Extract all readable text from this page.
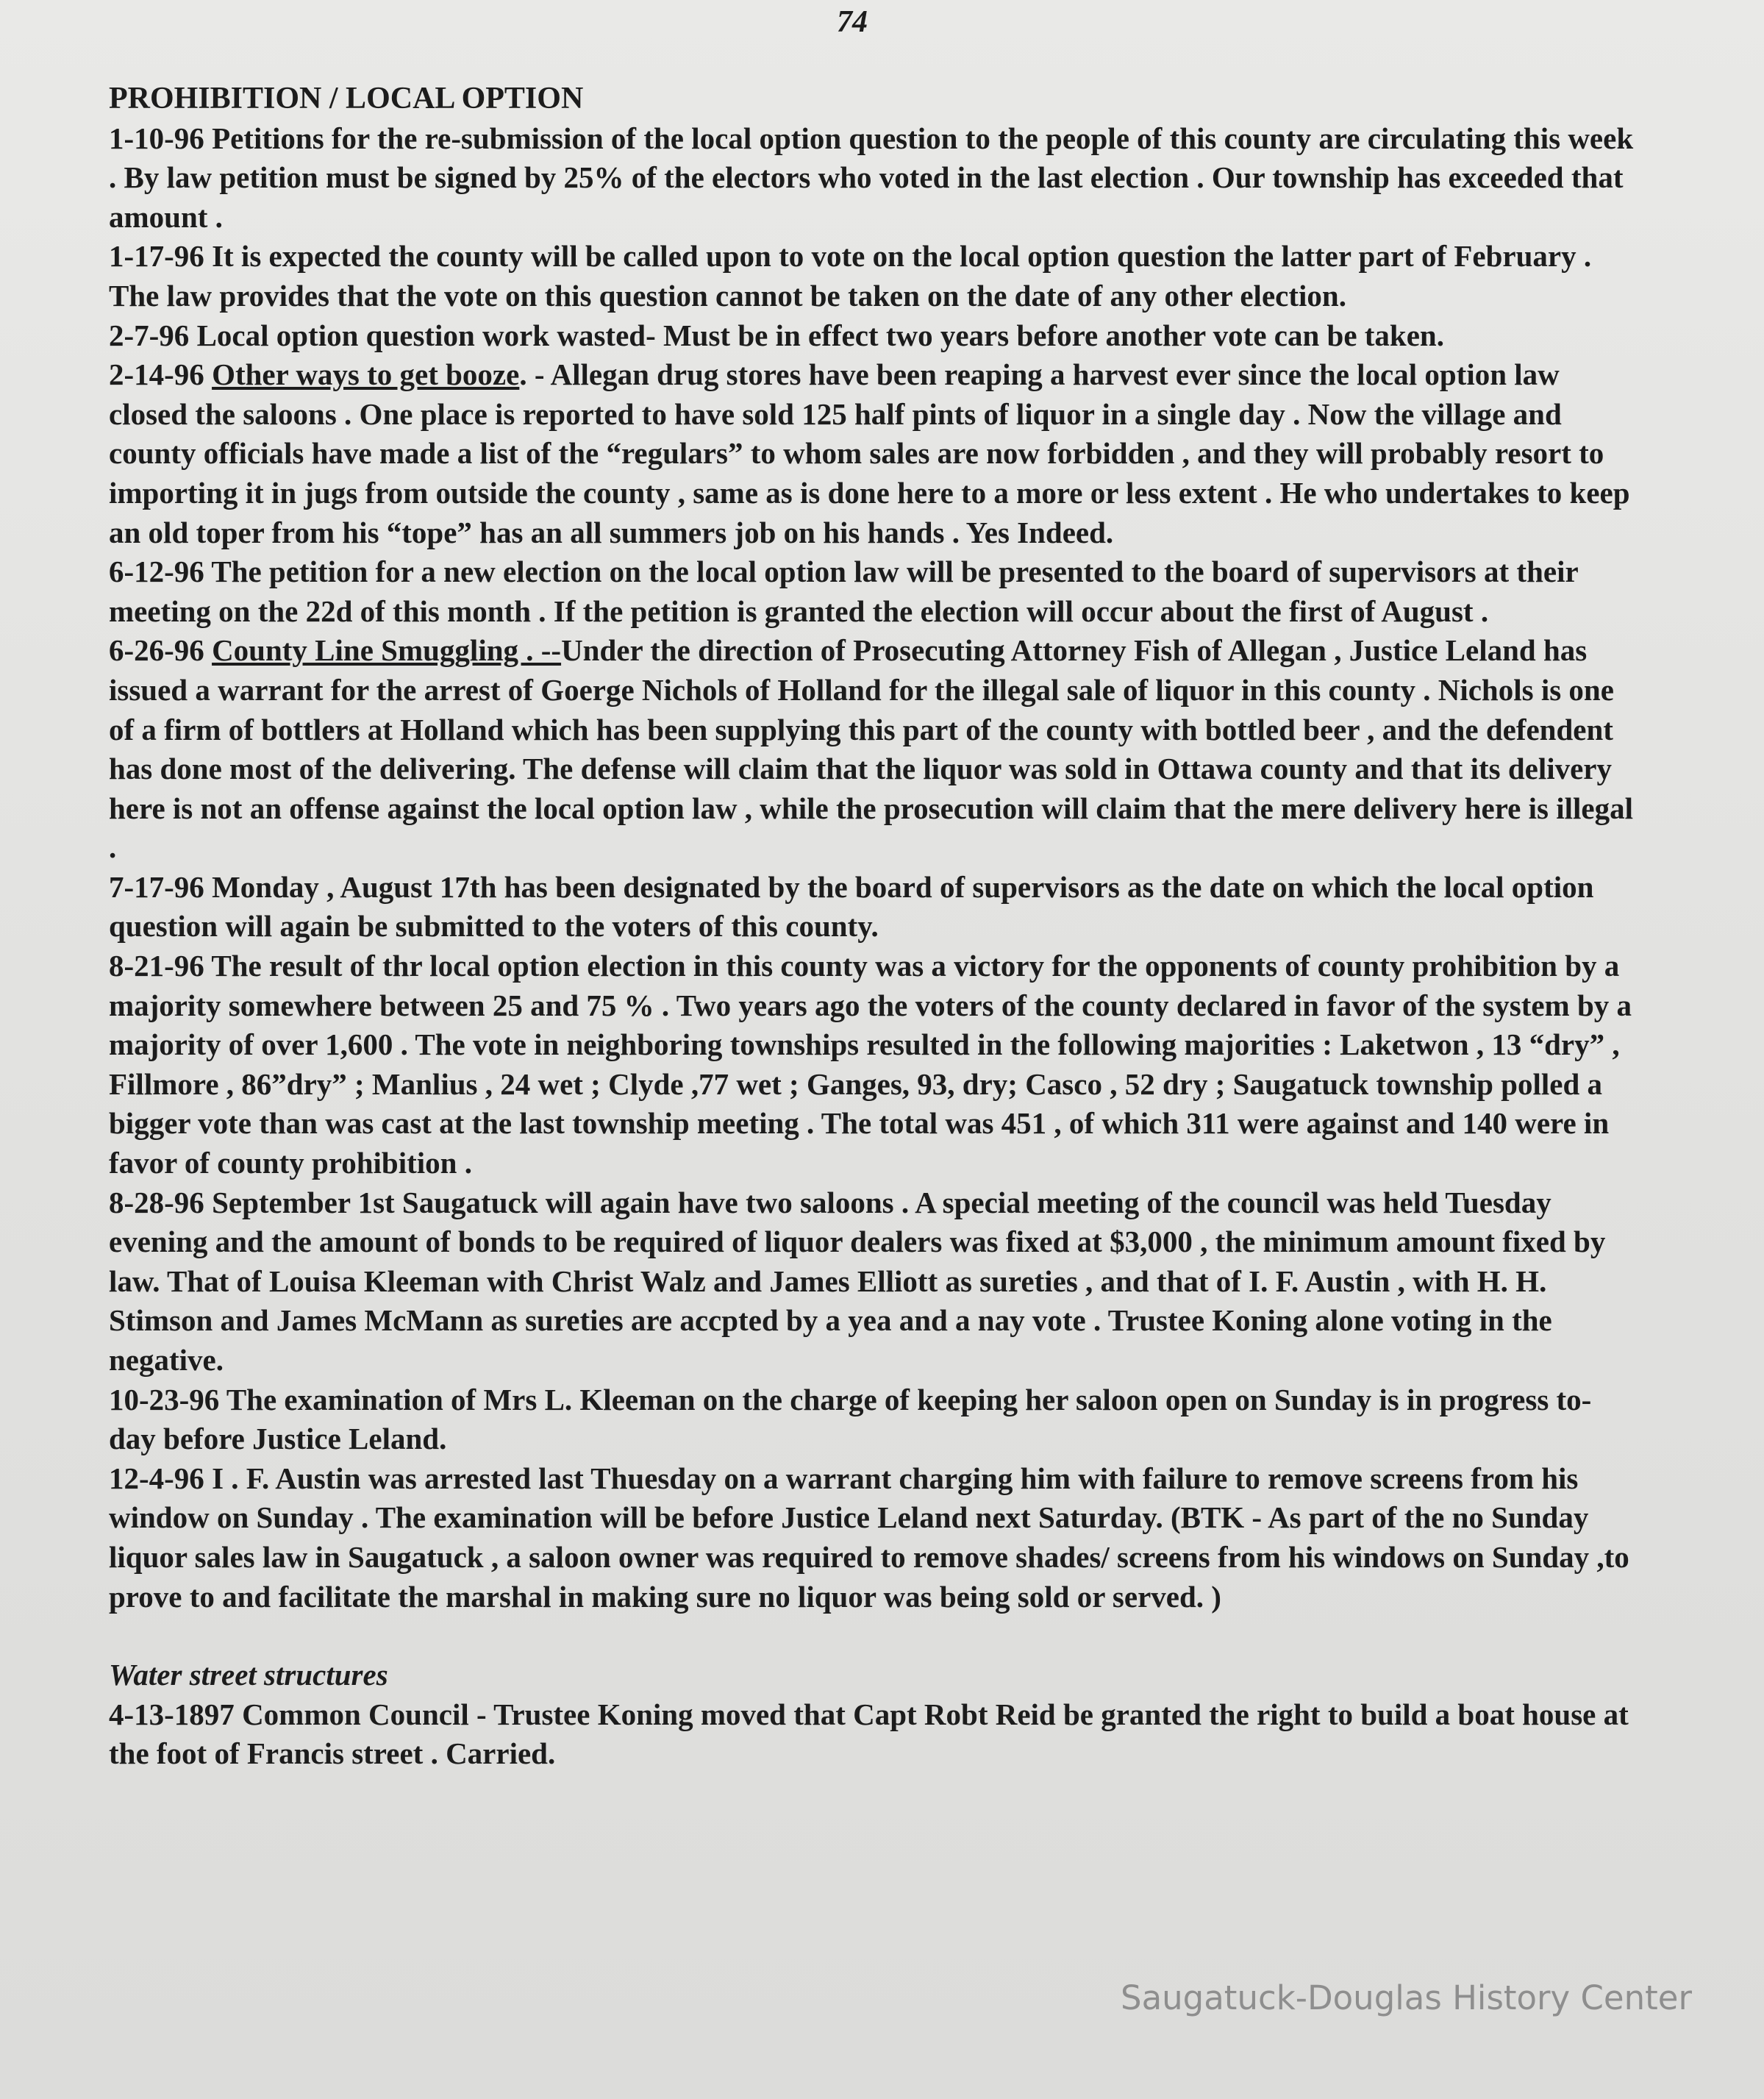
74
PROHIBITION / LOCAL OPTION
1-10-96 Petitions for the re-submission of the local option question to the people of this county are circulating this week . By law petition must be signed by 25% of the electors who voted in the last election . Our township has exceeded that amount .
1-17-96 It is expected the county will be called upon to vote on the local option question the latter part of February . The law provides that the vote on this question cannot be taken on the date of any other election.
2-7-96 Local option question work wasted- Must be in effect two years before another vote can be taken.
2-14-96 Other ways to get booze. - Allegan drug stores have been reaping a harvest ever since the local option law closed the saloons . One place is reported to have sold 125 half pints of liquor in a single day . Now the village and county officials have made a list of the “regulars” to whom sales are now forbidden , and they will probably resort to importing it in jugs from outside the county , same as is done here to a more or less extent . He who undertakes to keep an old toper from his “tope” has an all summers job on his hands . Yes Indeed.
6-12-96 The petition for a new election on the local option law will be presented to the board of supervisors at their meeting on the 22d of this month . If the petition is granted the election will occur about the first of August .
6-26-96 County Line Smuggling . --Under the direction of Prosecuting Attorney Fish of Allegan , Justice Leland has issued a warrant for the arrest of Goerge Nichols of Holland for the illegal sale of liquor in this county . Nichols is one of a firm of bottlers at Holland which has been supplying this part of the county with bottled beer , and the defendent has done most of the delivering. The defense will claim that the liquor was sold in Ottawa county and that its delivery here is not an offense against the local option law , while the prosecution will claim that the mere delivery here is illegal .
7-17-96 Monday , August 17th has been designated by the board of supervisors as the date on which the local option question will again be submitted to the voters of this county.
8-21-96 The result of thr local option election in this county was a victory for the opponents of county prohibition by a majority somewhere between 25 and 75 % . Two years ago the voters of the county declared in favor of the system by a majority of over 1,600 . The vote in neighboring townships resulted in the following majorities : Laketwon , 13 “dry” , Fillmore , 86”dry” ; Manlius , 24 wet ; Clyde ,77 wet ; Ganges, 93, dry; Casco , 52 dry ; Saugatuck township polled a bigger vote than was cast at the last township meeting . The total was 451 , of which 311 were against and 140 were in favor of county prohibition .
8-28-96 September 1st Saugatuck will again have two saloons . A special meeting of the council was held Tuesday evening and the amount of bonds to be required of liquor dealers was fixed at $3,000 , the minimum amount fixed by law. That of Louisa Kleeman with Christ Walz and James Elliott as sureties , and that of I. F. Austin , with H. H. Stimson and James McMann as sureties are accpted by a yea and a nay vote . Trustee Koning alone voting in the negative.
10-23-96 The examination of Mrs L. Kleeman on the charge of keeping her saloon open on Sunday is in progress to-day before Justice Leland.
12-4-96 I . F. Austin was arrested last Thuesday on a warrant charging him with failure to remove screens from his window on Sunday . The examination will be before Justice Leland next Saturday. (BTK - As part of the no Sunday liquor sales law in Saugatuck , a saloon owner was required to remove shades/ screens from his windows on Sunday ,to prove to and facilitate the marshal in making sure no liquor was being sold or served. )
Water street structures
4-13-1897 Common Council - Trustee Koning moved that Capt Robt Reid be granted the right to build a boat house at the foot of Francis street . Carried.
Saugatuck-Douglas History Center
